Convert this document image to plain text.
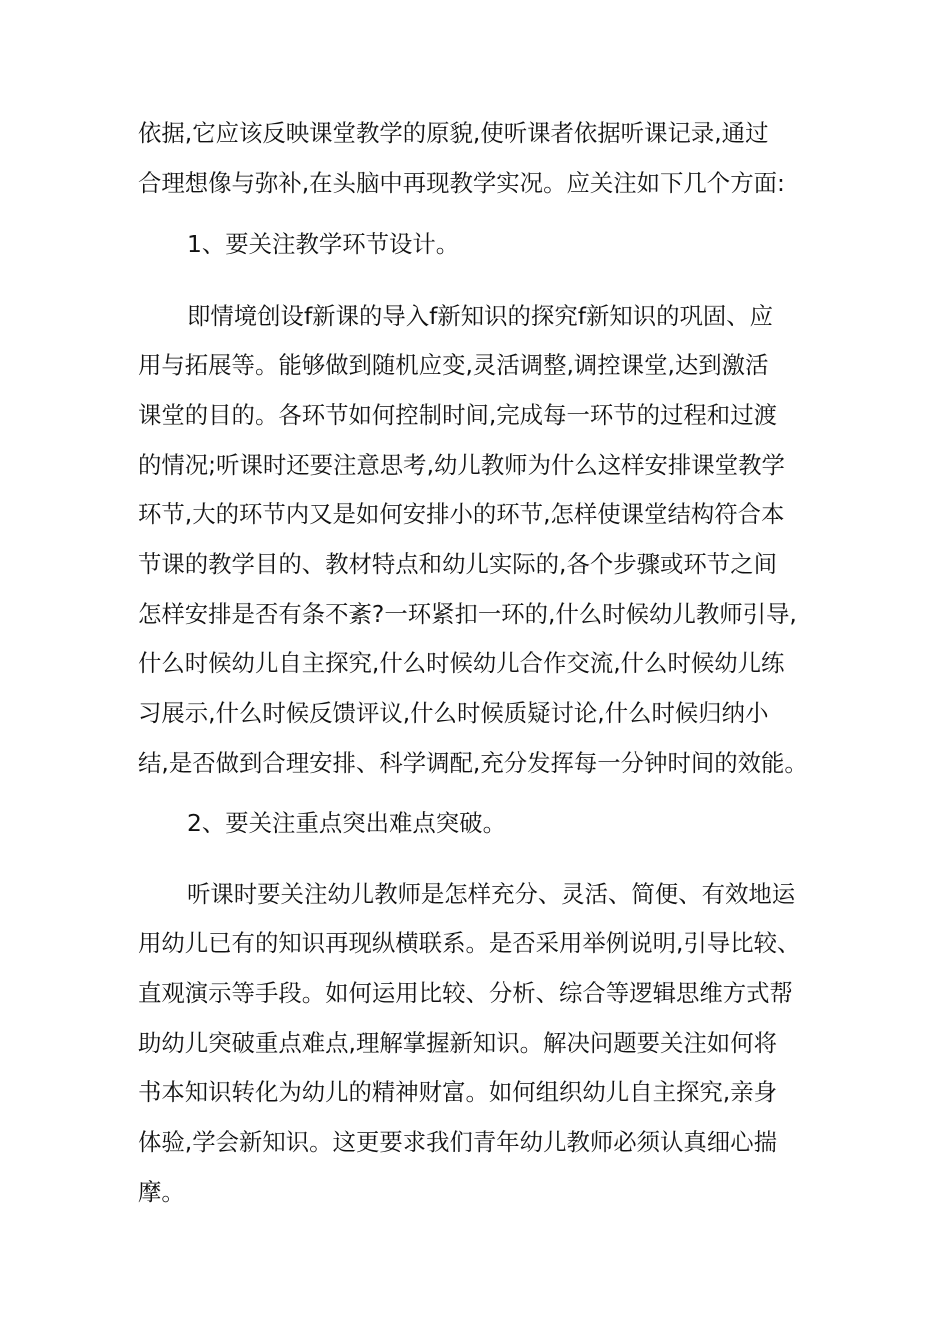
依据,它应该反映课堂教学的原貌,使听课者依据听课记录,通过
合理想像与弥补,在头脑中再现教学实况。应关注如下几个方面:
1、要关注教学环节设计。
即情境创设f新课的导入f新知识的探究f新知识的巩固、应
用与拓展等。能够做到随机应变,灵活调整,调控课堂,达到激活
课堂的目的。各环节如何控制时间,完成每一环节的过程和过渡
的情况;听课时还要注意思考,幼儿教师为什么这样安排课堂教学
环节,大的环节内又是如何安排小的环节,怎样使课堂结构符合本
节课的教学目的、教材特点和幼儿实际的,各个步骤或环节之间
怎样安排是否有条不紊?一环紧扣一环的,什么时候幼儿教师引导,
什么时候幼儿自主探究,什么时候幼儿合作交流,什么时候幼儿练
习展示,什么时候反馈评议,什么时候质疑讨论,什么时候归纳小
结,是否做到合理安排、科学调配,充分发挥每一分钟时间的效能。
2、要关注重点突出难点突破。
听课时要关注幼儿教师是怎样充分、灵活、简便、有效地运
用幼儿已有的知识再现纵横联系。是否采用举例说明,引导比较、
直观演示等手段。如何运用比较、分析、综合等逻辑思维方式帮
助幼儿突破重点难点,理解掌握新知识。解决问题要关注如何将
书本知识转化为幼儿的精神财富。如何组织幼儿自主探究,亲身
体验,学会新知识。这更要求我们青年幼儿教师必须认真细心揣
摩。
